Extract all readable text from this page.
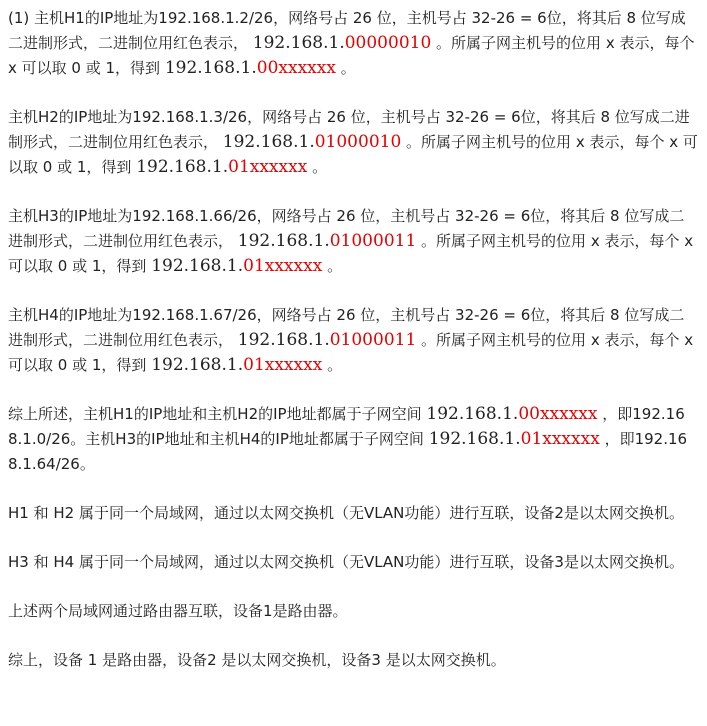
(1) 主机H1的IP地址为192.168.1.2/26，网络号占 26 位，主机号占 32-26 = 6位，将其后 8 位写成二进制形式，二进制位用红色表示， 192.168.1.00000010 。所属子网主机号的位用 x 表示，每个 x 可以取 0 或 1，得到 192.168.1.00xxxxxx 。

主机H2的IP地址为192.168.1.3/26，网络号占 26 位，主机号占 32-26 = 6位，将其后 8 位写成二进制形式，二进制位用红色表示， 192.168.1.01000010 。所属子网主机号的位用 x 表示，每个 x 可以取 0 或 1，得到 192.168.1.01xxxxxx 。

主机H3的IP地址为192.168.1.66/26，网络号占 26 位，主机号占 32-26 = 6位，将其后 8 位写成二进制形式，二进制位用红色表示， 192.168.1.01000011 。所属子网主机号的位用 x 表示，每个 x 可以取 0 或 1，得到 192.168.1.01xxxxxx 。

主机H4的IP地址为192.168.1.67/26，网络号占 26 位，主机号占 32-26 = 6位，将其后 8 位写成二进制形式，二进制位用红色表示， 192.168.1.01000011 。所属子网主机号的位用 x 表示，每个 x 可以取 0 或 1，得到 192.168.1.01xxxxxx 。

综上所述，主机H1的IP地址和主机H2的IP地址都属于子网空间 192.168.1.00xxxxxx ，即192.168.1.0/26。主机H3的IP地址和主机H4的IP地址都属于子网空间 192.168.1.01xxxxxx ，即192.168.1.64/26。

H1 和 H2 属于同一个局域网，通过以太网交换机（无VLAN功能）进行互联，设备2是以太网交换机。

H3 和 H4 属于同一个局域网，通过以太网交换机（无VLAN功能）进行互联，设备3是以太网交换机。

上述两个局域网通过路由器互联，设备1是路由器。

综上，设备 1 是路由器，设备2 是以太网交换机，设备3 是以太网交换机。
